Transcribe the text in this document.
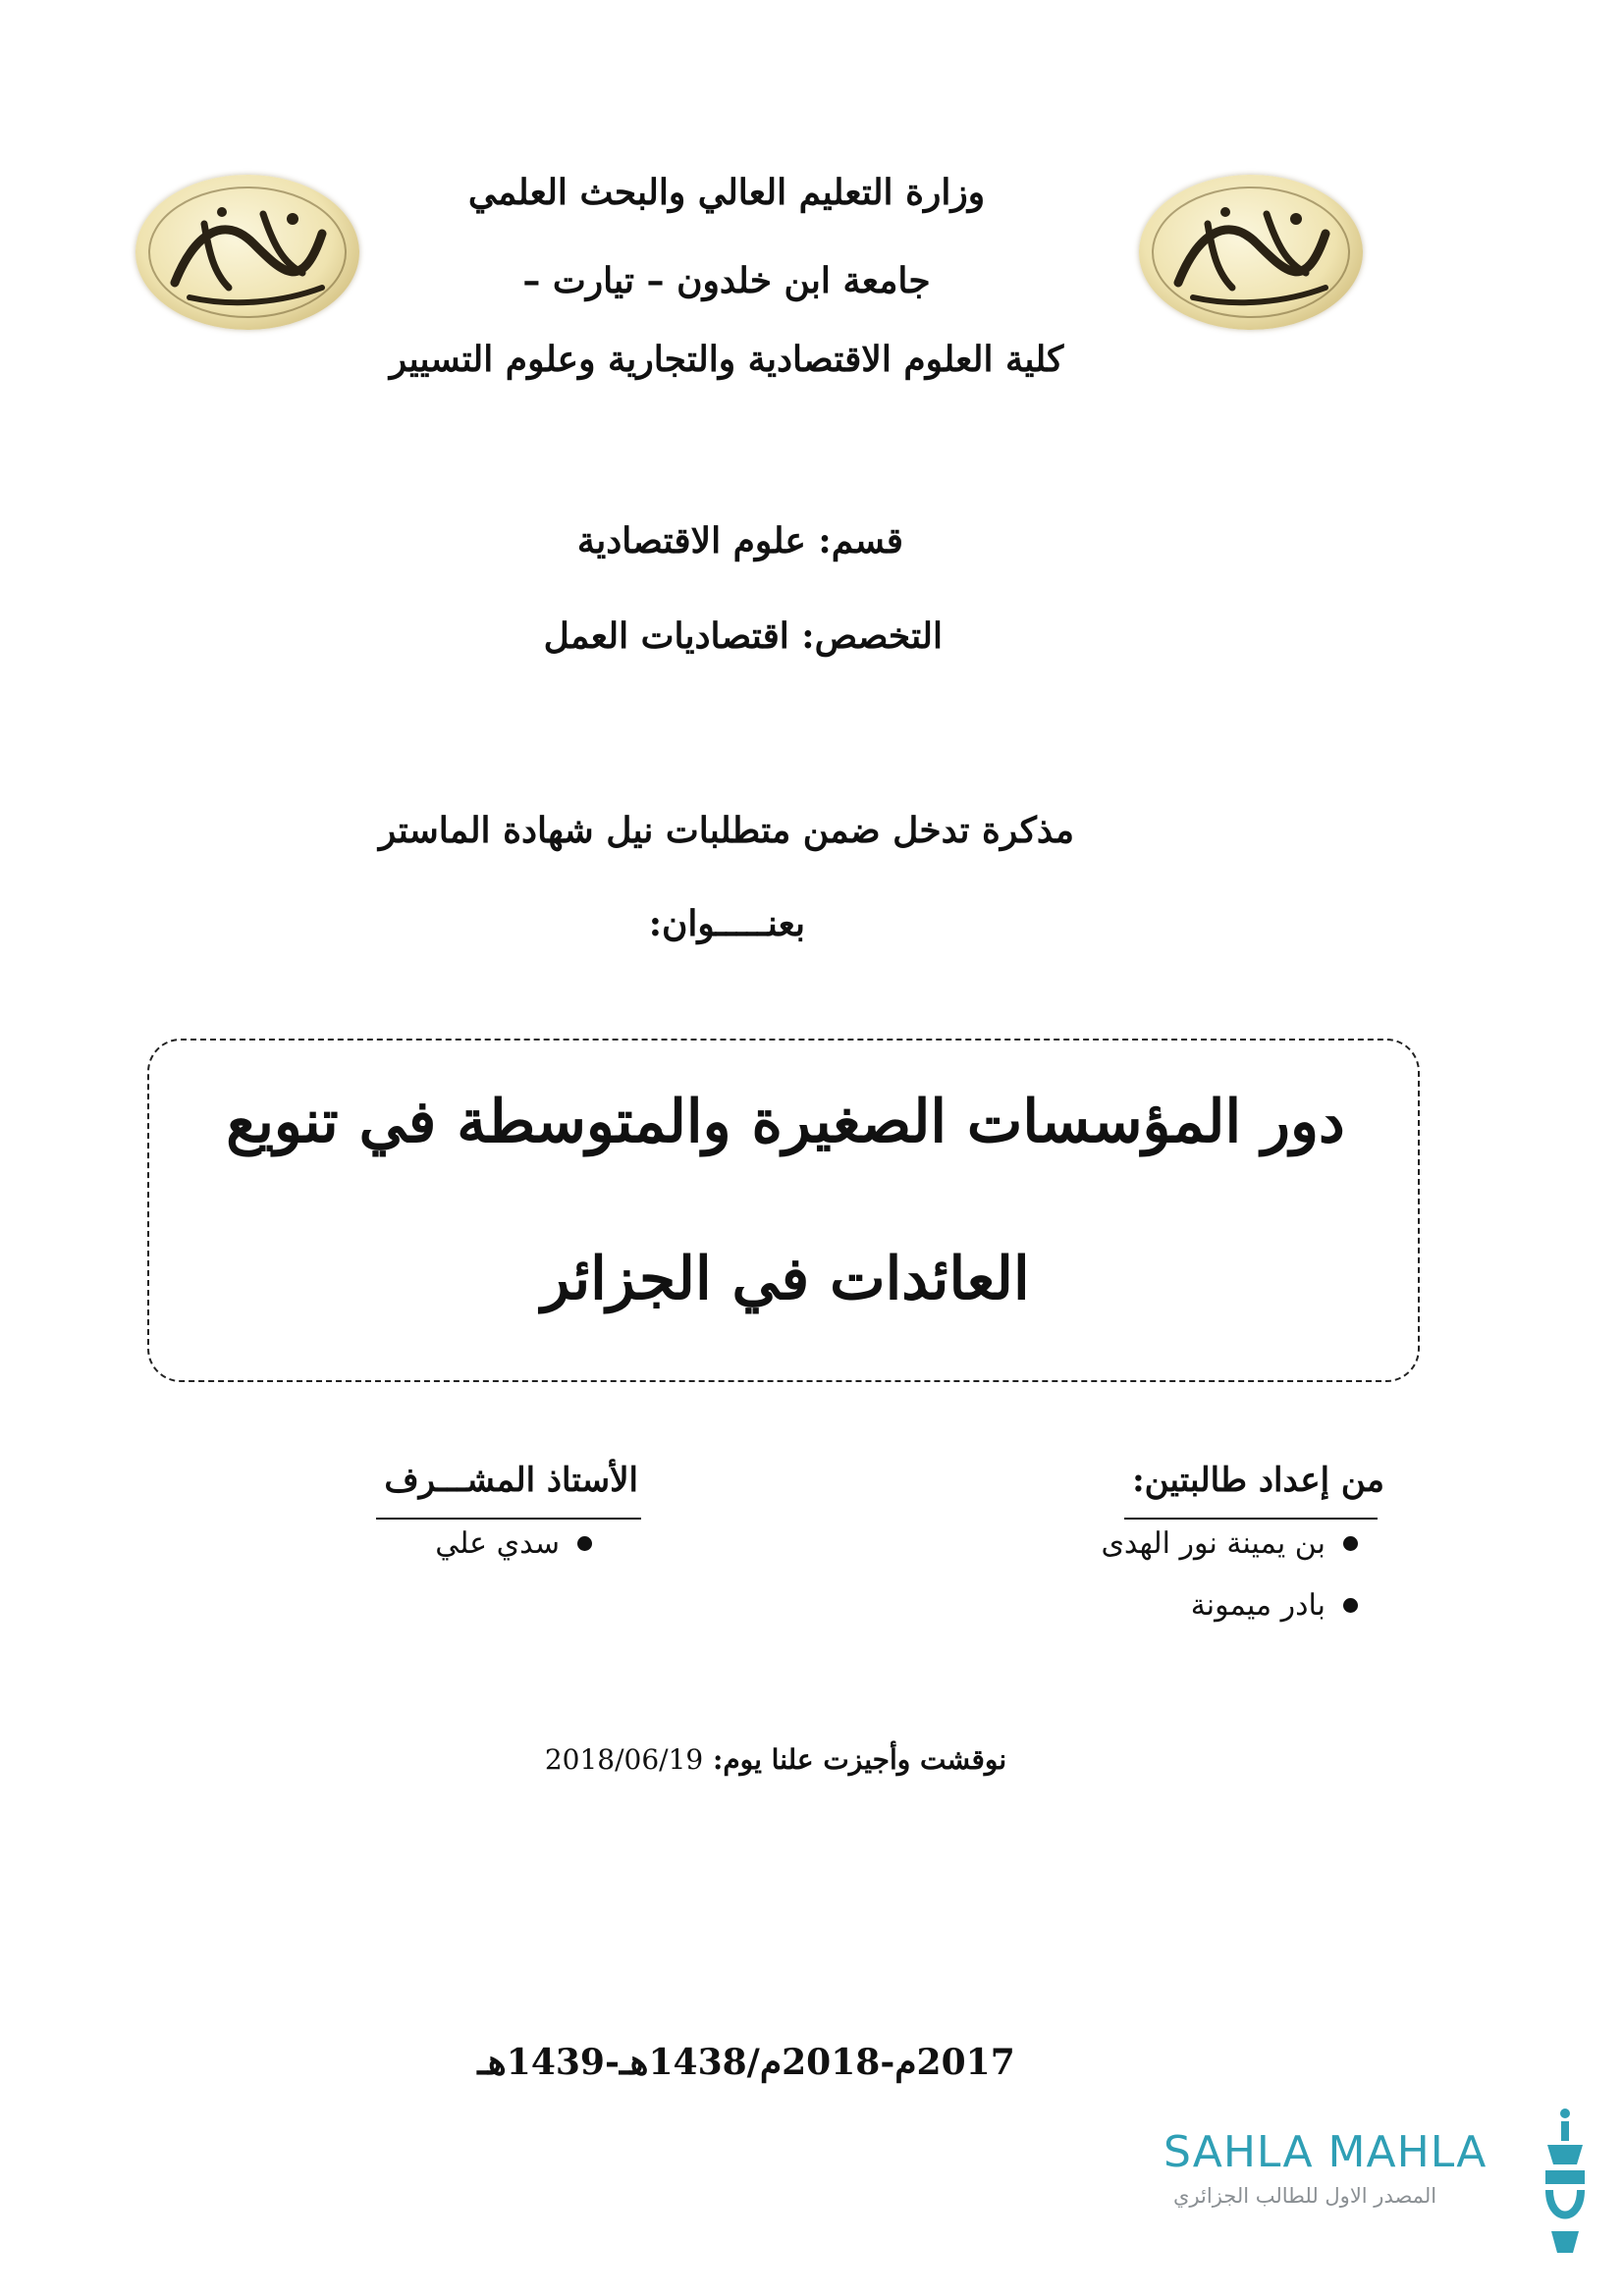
وزارة التعليم العالي والبحث العلمي
جامعة ابن خلدون – تيارت –
كلية العلوم الاقتصادية والتجارية وعلوم التسيير
قسم: علوم الاقتصادية
التخصص: اقتصاديات العمل
مذكرة تدخل ضمن متطلبات نيل شهادة الماستر
بعنـــــوان:
دور المؤسسات الصغيرة والمتوسطة في تنويع
العائدات في الجزائر
من إعداد طالبتين:
بن يمينة نور الهدى
بادر ميمونة
الأستاذ المشـــرف
سدي علي
نوقشت وأجيزت علنا يوم: 2018/06/19
2017م-2018م/1438هـ-1439هـ
SAHLA MAHLA
المصدر الاول للطالب الجزائري
